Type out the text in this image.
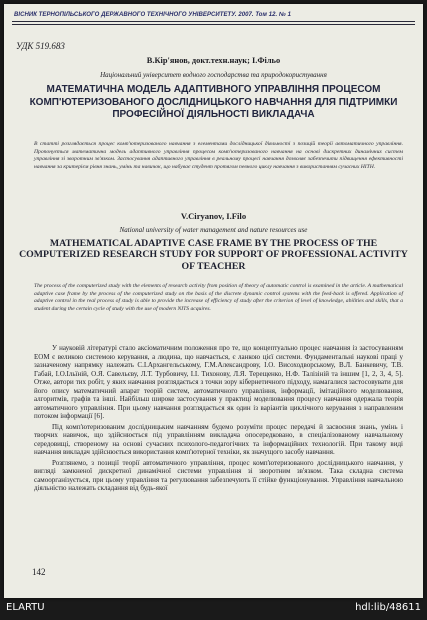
ВІСНИК ТЕРНОПІЛЬСЬКОГО ДЕРЖАВНОГО ТЕХНІЧНОГО УНІВЕРСИТЕТУ. 2007. Том 12. № 1
УДК 519.683
В.Кір'янов, докт.техн.наук; І.Фільо
Національний університет водного господарства та природокористування
МАТЕМАТИЧНА МОДЕЛЬ АДАПТИВНОГО УПРАВЛІННЯ ПРОЦЕСОМ КОМП'ЮТЕРИЗОВАНОГО ДОСЛІДНИЦЬКОГО НАВЧАННЯ ДЛЯ ПІДТРИМКИ ПРОФЕСІЙНОЇ ДІЯЛЬНОСТІ ВИКЛАДАЧА
В статті розглядається процес комп'ютеризованого навчання з елементами дослідницької діяльності з позицій теорії автоматичного управління. Пропонується математична модель адаптивного управління процесом комп'ютеризованого навчання на основі дискретних динамічних систем управління зі зворотним зв'язком. Застосування адаптивного управління в реальному процесі навчання дозволяє забезпечити підвищення ефективності навчання за критерієм рівня знань, умінь та навичок, що набуває студент протягом певного циклу навчання з використанням сучасних НІТН.
V.Ciryanov, I.Filo
National university of water management and nature resources use
MATHEMATICAL ADAPTIVE CASE FRAME BY THE PROCESS OF THE COMPUTERIZED RESEARCH STUDY FOR SUPPORT OF PROFESSIONAL ACTIVITY OF TEACHER
The process of the computerized study with the elements of research activity from position of theory of automatic control is examined in the article. A mathematical adaptive case frame by the process of the computerized study on the basis of the discrete dynamic control systems with the feed-back is offered. Application of adaptive control in the real process of study is able to provide the increase of efficiency of study after the criterion of level of knowledge, abilities and skills, that a student during the certain cycle of study with the use of modern NITS acquires.

У науковій літературі стало аксіоматичним положення про те, що концептуально процес навчання із застосуванням ЕОМ є великою системою керування, а людина, що навчається, є ланкою цієї системи. Фундаментальні наукові праці у зазначеному напрямку належать С.І.Архангельському, Г.М.Александрову, І.О. Висоходворському, В.Л. Банкевичу, Т.В. Габай, І.О.Ільїній, О.Я. Савельєву, Л.Т. Турбовичу, І.І. Тихонову, Л.Я. Терещенко, Н.Ф. Талізіній та іншим [1, 2, 3, 4, 5]. Отже, автори тих робіт, у яких навчання розглядається з точки зору кібернетичного підходу, намагалися застосовувати для його опису математичний апарат теорій систем, автоматичного управління, інформації, імітаційного моделювання, алгоритмів, графів та інші. Найбільш широке застосування у практиці моделювання процесу навчання одержала теорія автоматичного управління. При цьому навчання розглядається як один із варіантів циклічного керування з направленим потоком інформації [6].

Під комп'ютеризованим дослідницьким навчанням будемо розуміти процес передачі й засвоєння знань, умінь і творчих навичок, що здійснюється під управлінням викладача опосередковано, в спеціалізованому навчальному середовищі, створеному на основі сучасних психолого-педагогічних та інформаційних технологій. При такому виді навчання викладач здійснюється використання комп'ютерної техніки, як значущого засобу навчання.

Розглянемо, з позиції теорії автоматичного управління, процес комп'ютеризованого дослідницького навчання, у вигляді замкненої дискретної динамічної системи управління зі зворотним зв'язком. Така складна система самоорганізується, при цьому управління та регулювання забезпечують її стійке функціонування. Управління навчальною діяльністю належать складання від будь-якої

142
ELARTU	hdl:lib/48611
